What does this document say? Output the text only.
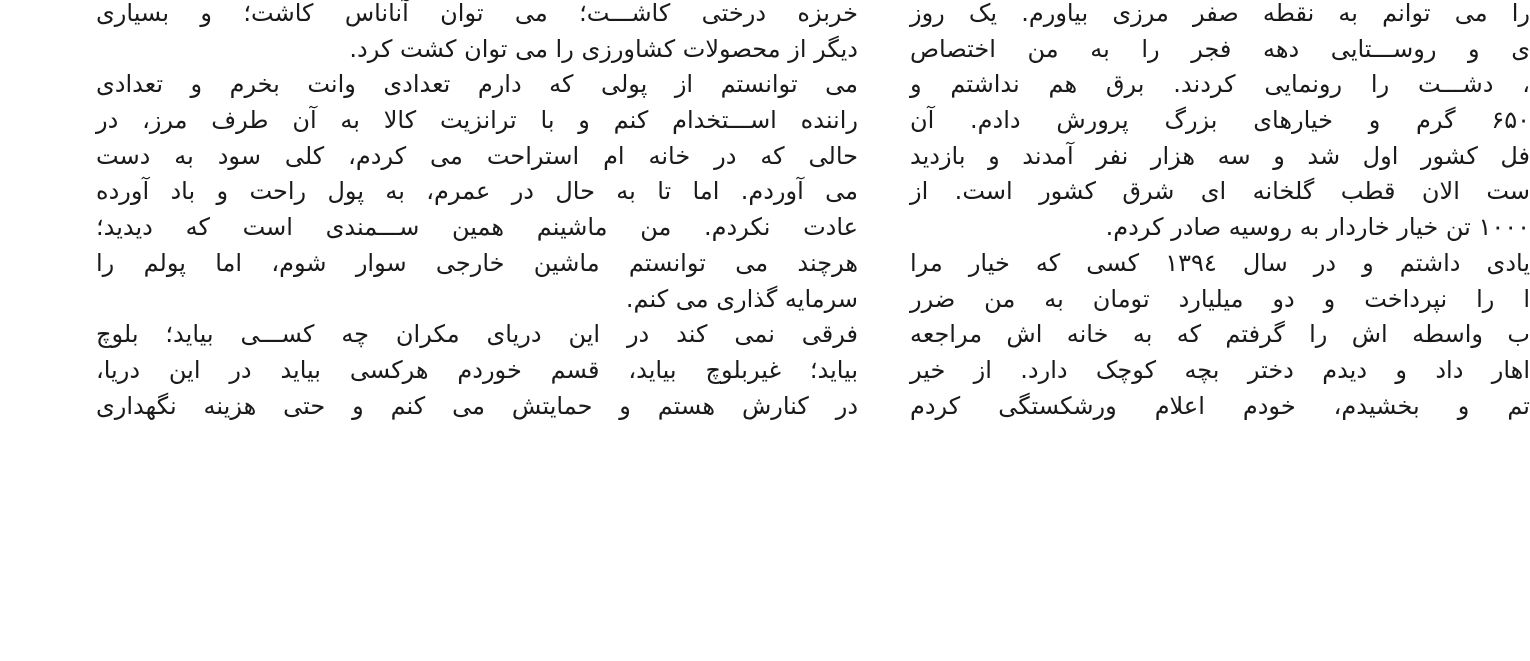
خربزه درختی کاشـــت؛ می توان آناناس کاشت؛ و بسیاری

دیگر از محصولات کشاورزی را می توان کشت کرد.

می توانستم از پولی که دارم تعدادی وانت بخرم و تعدادی

راننده اســـتخدام کنم و با ترانزیت کالا به آن طرف مرز، در

حالی که در خانه ام استراحت می کردم، کلی سود به دست

می آوردم. اما تا به حال در عمرم، به پول راحت و باد آورده

عادت نکردم. من ماشینم همین ســـمندی است که دیدید؛

هرچند می توانستم ماشین خارجی سوار شوم، اما پولم را

سرمایه گذاری می کنم.

فرقی نمی کند در این دریای مکران چه کســـی بیاید؛ بلوچ

بیاید؛ غیربلوچ بیاید، قسم خوردم هرکسی بیاید در این دریا،

در کنارش هستم و حمایتش می کنم و حتی هزینه نگهداری

را می توانم به نقطه صفر مرزی بیاورم. یک روز

ی و روســـتایی دهه فجر را به من اختصاص

، دشـــت را رونمایی کردند. برق هم نداشتم و

۶۵۰ گرم و خیارهای بزرگ پرورش دادم. آن

فل کشور اول شد و سه هزار نفر آمدند و بازدید

ست الان قطب گلخانه ای شرق کشور است. از

۱۰۰۰ تن خیار خاردار به روسیه صادر کردم.

یادی داشتم و در سال ۱۳۹٤ کسی که خیار مرا

ا را نپرداخت و دو میلیارد تومان به من ضرر

ب واسطه اش را گرفتم که به خانه اش مراجعه

اهار داد و دیدم دختر بچه کوچک دارد. از خیر

تم و بخشیدم، خودم اعلام ورشکستگی کردم
